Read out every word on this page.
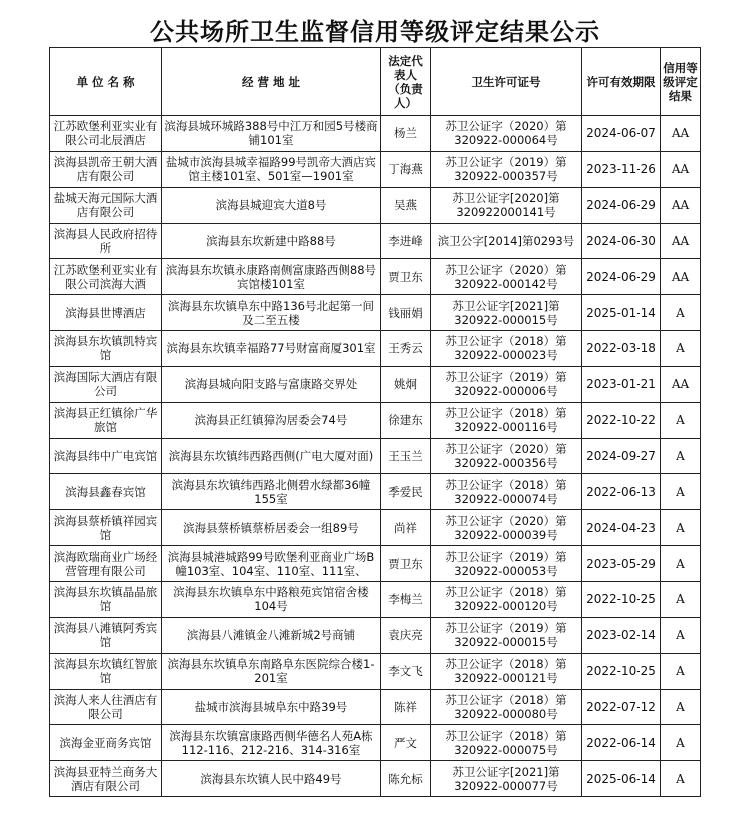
公共场所卫生监督信用等级评定结果公示
单 位 名 称	经 营 地 址	法定代表人（负责人）	卫生许可证号	许可有效期限	信用等级评定结果
江苏欧堡利亚实业有限公司北辰酒店	滨海县城环城路388号中江万和园5号楼商铺101室	杨兰	苏卫公证字（2020）第320922-000064号	2024-06-07	AA
滨海县凯帝王朝大酒店有限公司	盐城市滨海县城幸福路99号凯帝大酒店宾馆主楼101室、501室—1901室	丁海燕	苏卫公证字（2019）第320922-000357号	2023-11-26	AA
盐城天海元国际大酒店有限公司	滨海县城迎宾大道8号	吴燕	苏卫公证字[2020]第320922000141号	2024-06-29	AA
滨海县人民政府招待所	滨海县东坎新建中路88号	李进峰	滨卫公字[2014]第0293号	2024-06-30	AA
江苏欧堡利亚实业有限公司滨海大酒	滨海县东坎镇永康路南侧富康路西侧88号宾馆楼101室	贾卫东	苏卫公证字（2020）第320922-000142号	2024-06-29	AA
滨海县世博酒店	滨海县东坎镇阜东中路136号北起第一间及二至五楼	钱丽娟	苏卫公证字[2021]第320922-000015号	2025-01-14	A
滨海县东坎镇凯特宾馆	滨海县东坎镇幸福路77号财富商厦301室	王秀云	苏卫公证字（2018）第320922-000023号	2022-03-18	A
滨海国际大酒店有限公司	滨海县城向阳支路与富康路交界处	姚炯	苏卫公证字（2019）第320922-000006号	2023-01-21	AA
滨海县正红镇徐广华旅馆	滨海县正红镇獐沟居委会74号	徐建东	苏卫公证字（2018）第320922-000116号	2022-10-22	A
滨海县纬中广电宾馆	滨海县东坎镇纬西路西侧(广电大厦对面)	王玉兰	苏卫公证字（2020）第320922-000356号	2024-09-27	A
滨海县鑫春宾馆	滨海县东坎镇纬西路北侧碧水绿都36幢155室	季爱民	苏卫公证字（2018）第320922-000074号	2022-06-13	A
滨海县蔡桥镇祥园宾馆	滨海县蔡桥镇蔡桥居委会一组89号	尚祥	苏卫公证字（2020）第320922-000039号	2024-04-23	A
滨海欧瑞商业广场经营管理有限公司	滨海县城港城路99号欧堡利亚商业广场B幢103室、104室、110室、111室、	贾卫东	苏卫公证字（2019）第320922-000053号	2023-05-29	A
滨海县东坎镇晶晶旅馆	滨海县东坎镇阜东中路粮苑宾馆宿舍楼104号	李梅兰	苏卫公证字（2018）第320922-000120号	2022-10-25	A
滨海县八滩镇阿秀宾馆	滨海县八滩镇金八滩新城2号商铺	袁庆亮	苏卫公证字（2019）第320922-000015号	2023-02-14	A
滨海县东坎镇红智旅馆	滨海县东坎镇阜东南路阜东医院综合楼1-201室	李文飞	苏卫公证字（2018）第320922-000121号	2022-10-25	A
滨海人来人往酒店有限公司	盐城市滨海县城阜东中路39号	陈祥	苏卫公证字（2018）第320922-000080号	2022-07-12	A
滨海金亚商务宾馆	滨海县东坎镇富康路西侧华德名人苑A栋112-116、212-216、314-316室	严文	苏卫公证字（2018）第320922-000075号	2022-06-14	A
滨海县亚特兰商务大酒店有限公司	滨海县东坎镇人民中路49号	陈允标	苏卫公证字[2021]第320922-000077号	2025-06-14	A
